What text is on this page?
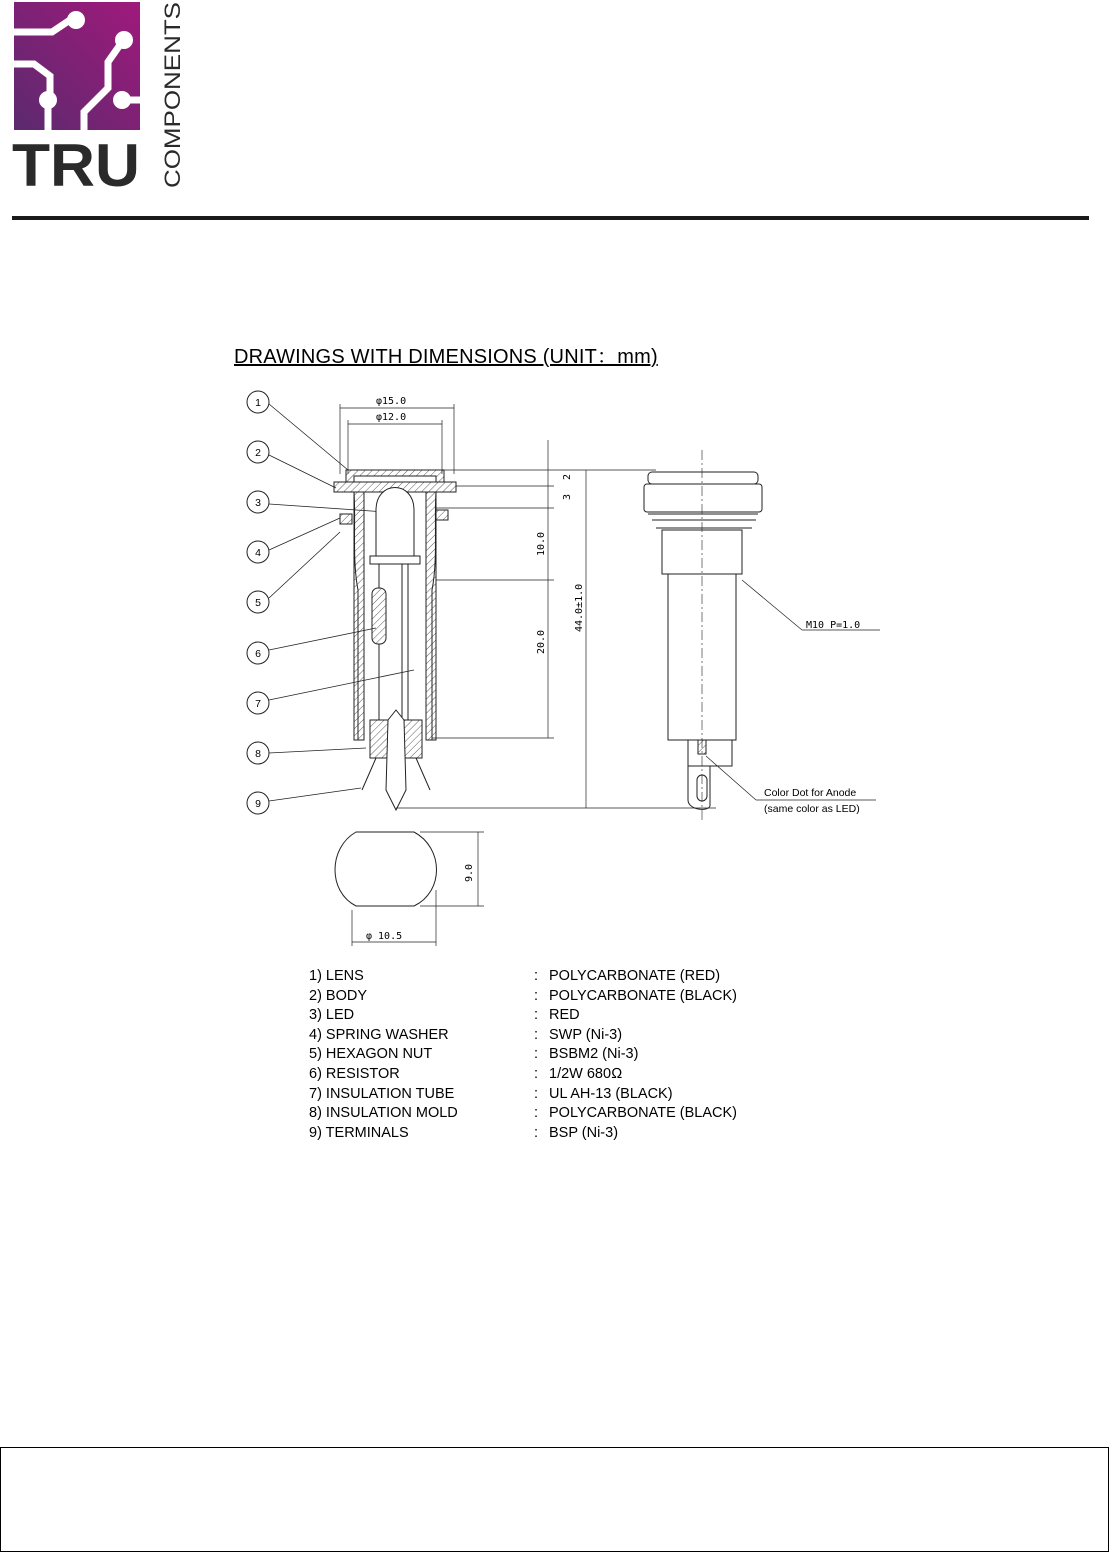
TRU COMPONENTS
DRAWINGS WITH DIMENSIONS (UNIT：mm)
1
2
3
4
5
6
7
8
9
φ15.0
φ12.0
2
3
10.0
20.0
44.0±1.0	M10 P=1.0
9.0
φ 10.5
Color Dot for Anode
(same color as LED)
1) LENS	: POLYCARBONATE (RED)
2) BODY	: POLYCARBONATE (BLACK)
3) LED	: RED
4) SPRING WASHER	: SWP (Ni-3)
5) HEXAGON NUT	: BSBM2 (Ni-3)
6) RESISTOR	: 1/2W 680Ω
7) INSULATION TUBE	: UL AH-13 (BLACK)
8) INSULATION MOLD	: POLYCARBONATE (BLACK)
9) TERMINALS	: BSP (Ni-3)
